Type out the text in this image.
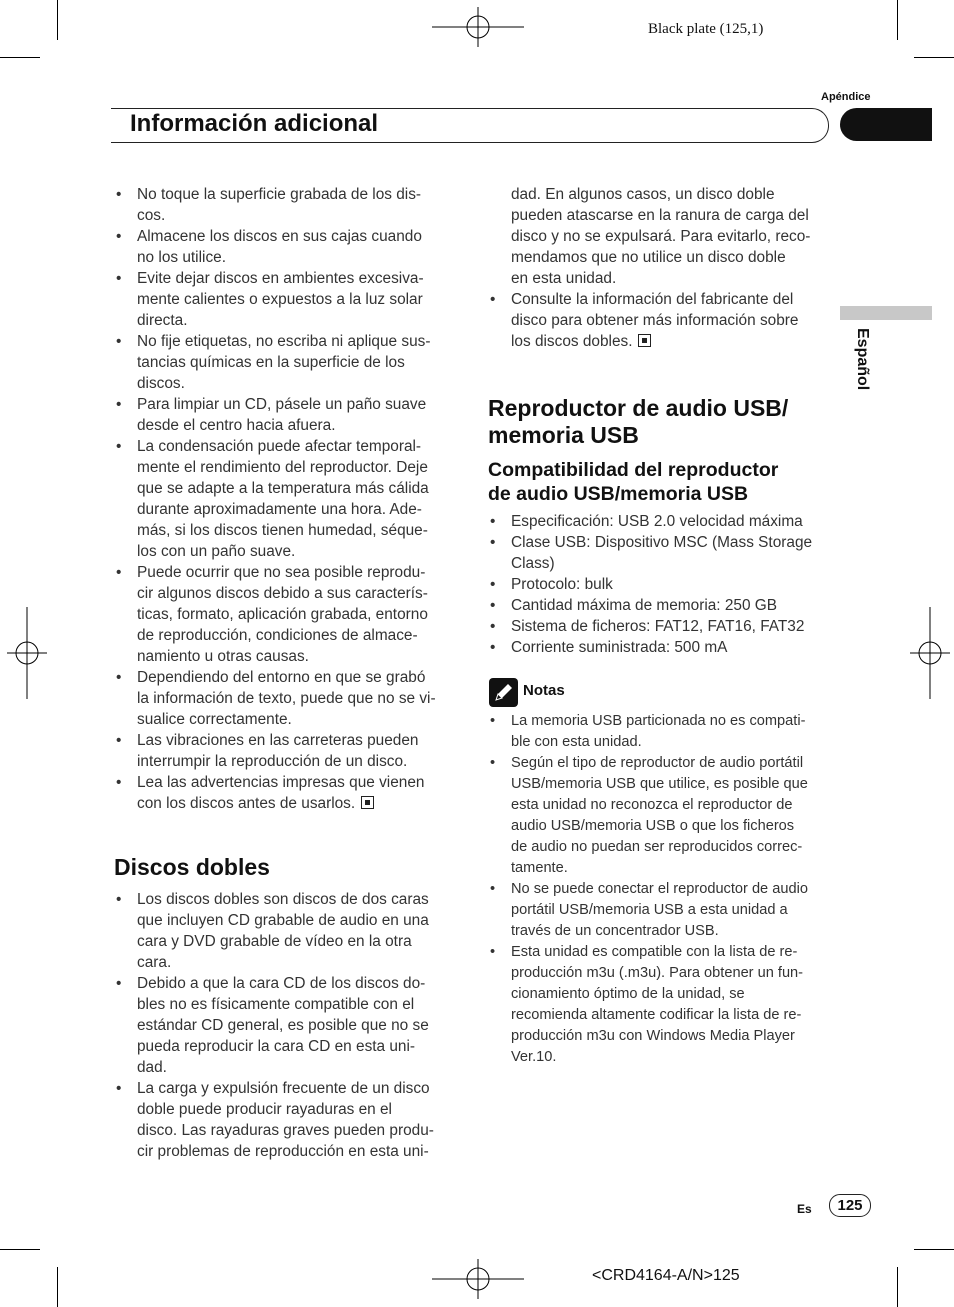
Black plate (125,1)
Apéndice
Información adicional
Español
• No toque la superficie grabada de los dis-
cos.
• Almacene los discos en sus cajas cuando
no los utilice.
• Evite dejar discos en ambientes excesiva-
mente calientes o expuestos a la luz solar
directa.
• No fije etiquetas, no escriba ni aplique sus-
tancias químicas en la superficie de los
discos.
• Para limpiar un CD, pásele un paño suave
desde el centro hacia afuera.
• La condensación puede afectar temporal-
mente el rendimiento del reproductor. Deje
que se adapte a la temperatura más cálida
durante aproximadamente una hora. Ade-
más, si los discos tienen humedad, séque-
los con un paño suave.
• Puede ocurrir que no sea posible reprodu-
cir algunos discos debido a sus caracterís-
ticas, formato, aplicación grabada, entorno
de reproducción, condiciones de almace-
namiento u otras causas.
• Dependiendo del entorno en que se grabó
la información de texto, puede que no se vi-
sualice correctamente.
• Las vibraciones en las carreteras pueden
interrumpir la reproducción de un disco.
• Lea las advertencias impresas que vienen
con los discos antes de usarlos.
Discos dobles
• Los discos dobles son discos de dos caras
que incluyen CD grabable de audio en una
cara y DVD grabable de vídeo en la otra
cara.
• Debido a que la cara CD de los discos do-
bles no es físicamente compatible con el
estándar CD general, es posible que no se
pueda reproducir la cara CD en esta uni-
dad.
• La carga y expulsión frecuente de un disco
doble puede producir rayaduras en el
disco. Las rayaduras graves pueden produ-
cir problemas de reproducción en esta uni-
dad. En algunos casos, un disco doble
pueden atascarse en la ranura de carga del
disco y no se expulsará. Para evitarlo, reco-
mendamos que no utilice un disco doble
en esta unidad.
• Consulte la información del fabricante del
disco para obtener más información sobre
los discos dobles.
Reproductor de audio USB/
memoria USB
Compatibilidad del reproductor
de audio USB/memoria USB
• Especificación: USB 2.0 velocidad máxima
• Clase USB: Dispositivo MSC (Mass Storage
Class)
• Protocolo: bulk
• Cantidad máxima de memoria: 250 GB
• Sistema de ficheros: FAT12, FAT16, FAT32
• Corriente suministrada: 500 mA
Notas
• La memoria USB particionada no es compati-
ble con esta unidad.
• Según el tipo de reproductor de audio portátil
USB/memoria USB que utilice, es posible que
esta unidad no reconozca el reproductor de
audio USB/memoria USB o que los ficheros
de audio no puedan ser reproducidos correc-
tamente.
• No se puede conectar el reproductor de audio
portátil USB/memoria USB a esta unidad a
través de un concentrador USB.
• Esta unidad es compatible con la lista de re-
producción m3u (.m3u). Para obtener un fun-
cionamiento óptimo de la unidad, se
recomienda altamente codificar la lista de re-
producción m3u con Windows Media Player
Ver.10.
Es	125
<CRD4164-A/N>125
